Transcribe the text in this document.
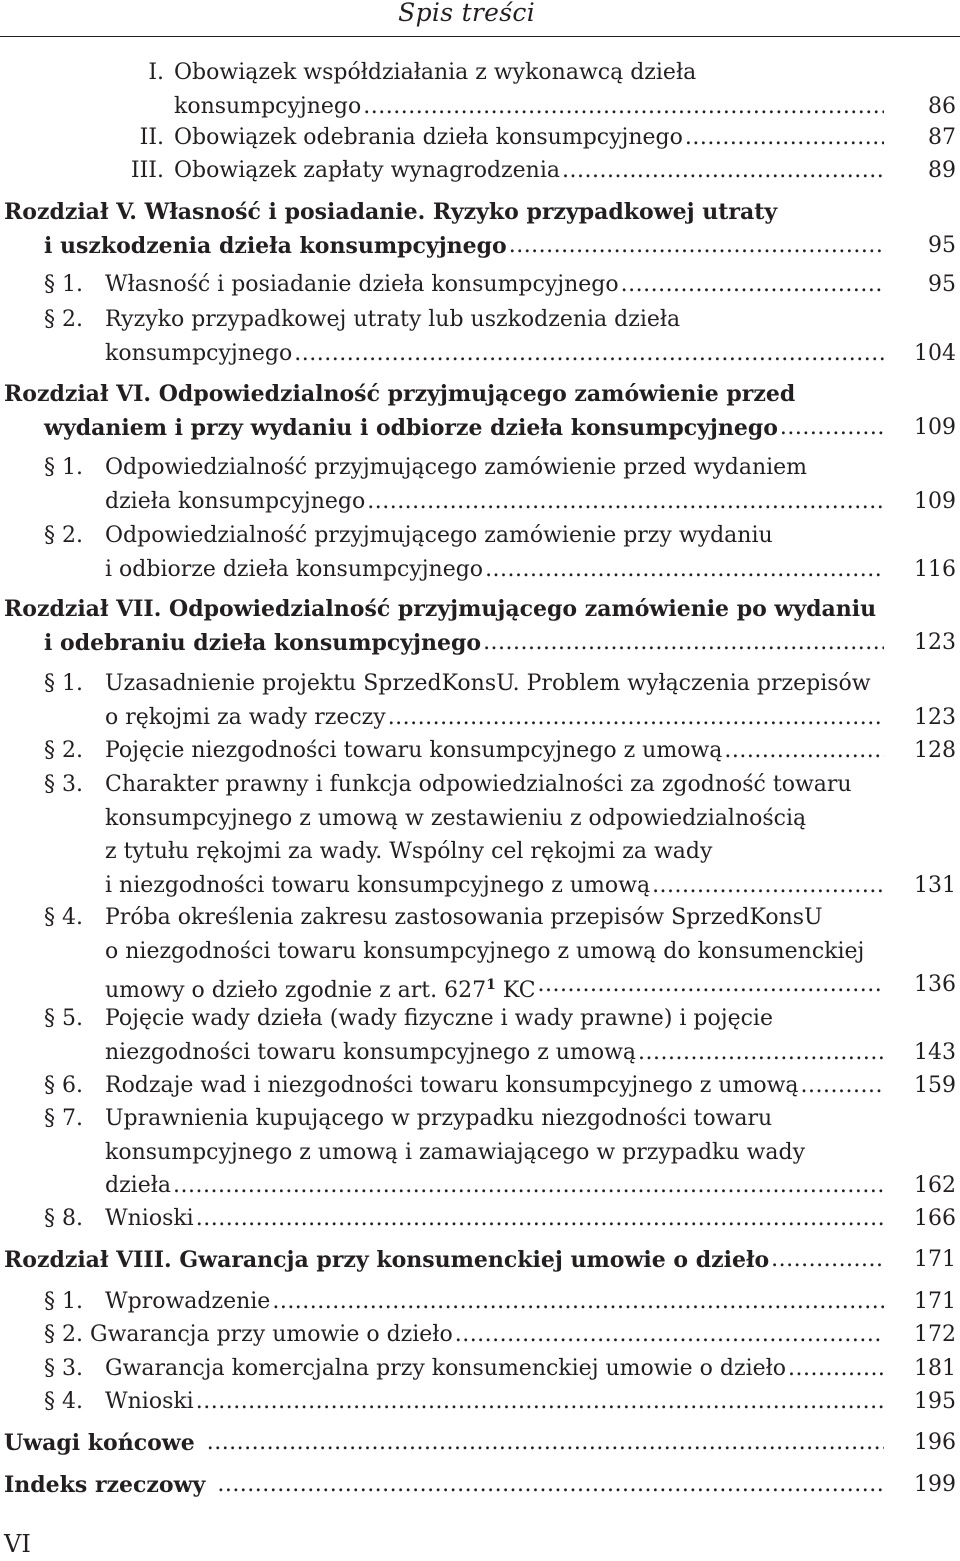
Spis treści
I. Obowiązek współdziałania z wykonawcą dzieła
konsumpcyjnego .....	86
II. Obowiązek odebrania dzieła konsumpcyjnego .....	87
III. Obowiązek zapłaty wynagrodzenia .....	89
Rozdział V. Własność i posiadanie. Ryzyko przypadkowej utraty
i uszkodzenia dzieła konsumpcyjnego .....	95
§ 1. Własność i posiadanie dzieła konsumpcyjnego .....	95
§ 2. Ryzyko przypadkowej utraty lub uszkodzenia dzieła
konsumpcyjnego .....	104
Rozdział VI. Odpowiedzialność przyjmującego zamówienie przed
wydaniem i przy wydaniu i odbiorze dzieła konsumpcyjnego .....	109
§ 1. Odpowiedzialność przyjmującego zamówienie przed wydaniem
dzieła konsumpcyjnego .....	109
§ 2. Odpowiedzialność przyjmującego zamówienie przy wydaniu
i odbiorze dzieła konsumpcyjnego .....	116
Rozdział VII. Odpowiedzialność przyjmującego zamówienie po wydaniu
i odebraniu dzieła konsumpcyjnego .....	123
§ 1. Uzasadnienie projektu SprzedKonsU. Problem wyłączenia przepisów
o rękojmi za wady rzeczy .....	123
§ 2. Pojęcie niezgodności towaru konsumpcyjnego z umową .....	128
§ 3. Charakter prawny i funkcja odpowiedzialności za zgodność towaru
konsumpcyjnego z umową w zestawieniu z odpowiedzialnością
z tytułu rękojmi za wady. Wspólny cel rękojmi za wady
i niezgodności towaru konsumpcyjnego z umową .....	131
§ 4. Próba określenia zakresu zastosowania przepisów SprzedKonsU
o niezgodności towaru konsumpcyjnego z umową do konsumenckiej
umowy o dzieło zgodnie z art. $627^1$ KC .....	136
§ 5. Pojęcie wady dzieła (wady fizyczne i wady prawne) i pojęcie
niezgodności towaru konsumpcyjnego z umową .....	143
§ 6. Rodzaje wad i niezgodności towaru konsumpcyjnego z umową .....	159
§ 7. Uprawnienia kupującego w przypadku niezgodności towaru
konsumpcyjnego z umową i zamawiającego w przypadku wady
dzieła .....	162
§ 8. Wnioski .....	166
Rozdział VIII. Gwarancja przy konsumenckiej umowie o dzieło .....	171
§ 1. Wprowadzenie .....	171
§ 2. Gwarancja przy umowie o dzieło .....	172
§ 3. Gwarancja komercjalna przy konsumenckiej umowie o dzieło .....	181
§ 4. Wnioski .....	195
Uwagi końcowe .....	196
Indeks rzeczowy .....	199
VI
